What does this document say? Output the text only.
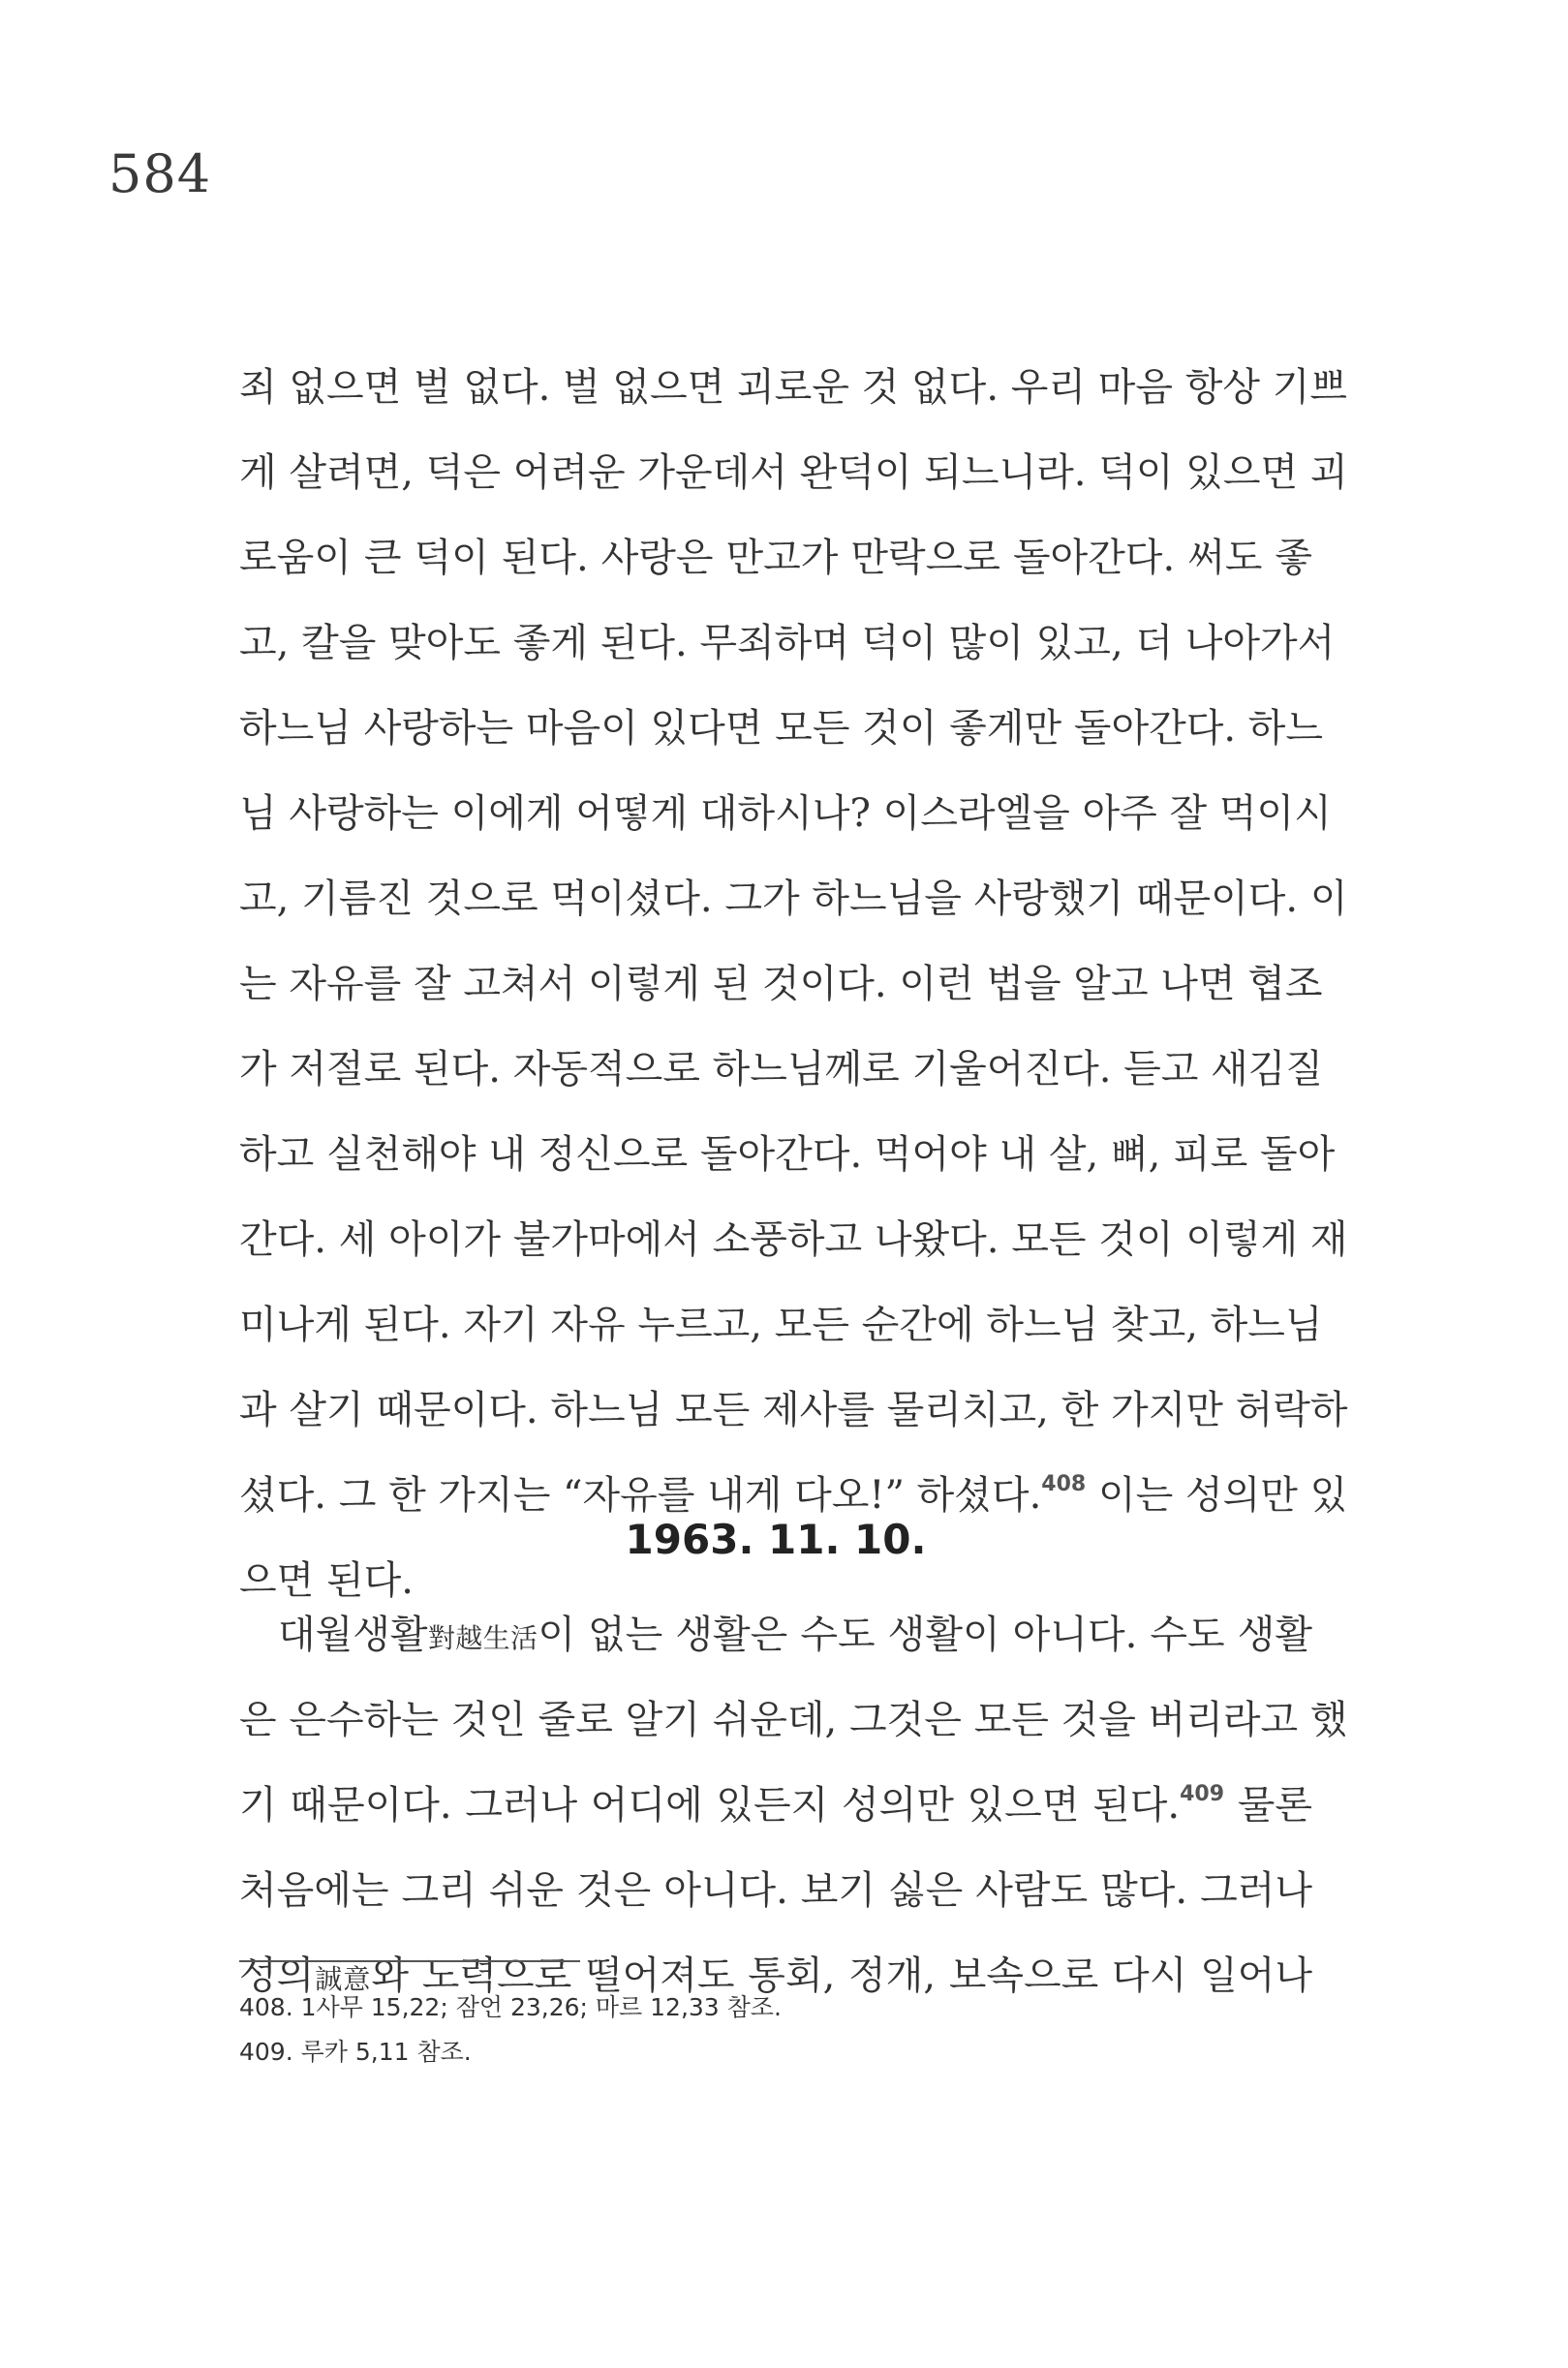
584
죄 없으면 벌 없다. 벌 없으면 괴로운 것 없다. 우리 마음 항상 기쁘
게 살려면, 덕은 어려운 가운데서 완덕이 되느니라. 덕이 있으면 괴
로움이 큰 덕이 된다. 사랑은 만고가 만락으로 돌아간다. 써도 좋
고, 칼을 맞아도 좋게 된다. 무죄하며 덕이 많이 있고, 더 나아가서
하느님 사랑하는 마음이 있다면 모든 것이 좋게만 돌아간다. 하느
님 사랑하는 이에게 어떻게 대하시나? 이스라엘을 아주 잘 먹이시
고, 기름진 것으로 먹이셨다. 그가 하느님을 사랑했기 때문이다. 이
는 자유를 잘 고쳐서 이렇게 된 것이다. 이런 법을 알고 나면 협조
가 저절로 된다. 자동적으로 하느님께로 기울어진다. 듣고 새김질
하고 실천해야 내 정신으로 돌아간다. 먹어야 내 살, 뼈, 피로 돌아
간다. 세 아이가 불가마에서 소풍하고 나왔다. 모든 것이 이렇게 재
미나게 된다. 자기 자유 누르고, 모든 순간에 하느님 찾고, 하느님
과 살기 때문이다. 하느님 모든 제사를 물리치고, 한 가지만 허락하
셨다. 그 한 가지는 “자유를 내게 다오!” 하셨다.$^{408}$ 이는 성의만 있
으면 된다.
1963. 11. 10.
대월생활對越生活이 없는 생활은 수도 생활이 아니다. 수도 생활
은 은수하는 것인 줄로 알기 쉬운데, 그것은 모든 것을 버리라고 했
기 때문이다. 그러나 어디에 있든지 성의만 있으면 된다.$^{409}$ 물론
처음에는 그리 쉬운 것은 아니다. 보기 싫은 사람도 많다. 그러나
성의誠意와 노력으로 떨어져도 통회, 정개, 보속으로 다시 일어나
408. 1사무 15,22; 잠언 23,26; 마르 12,33 참조.
409. 루카 5,11 참조.
